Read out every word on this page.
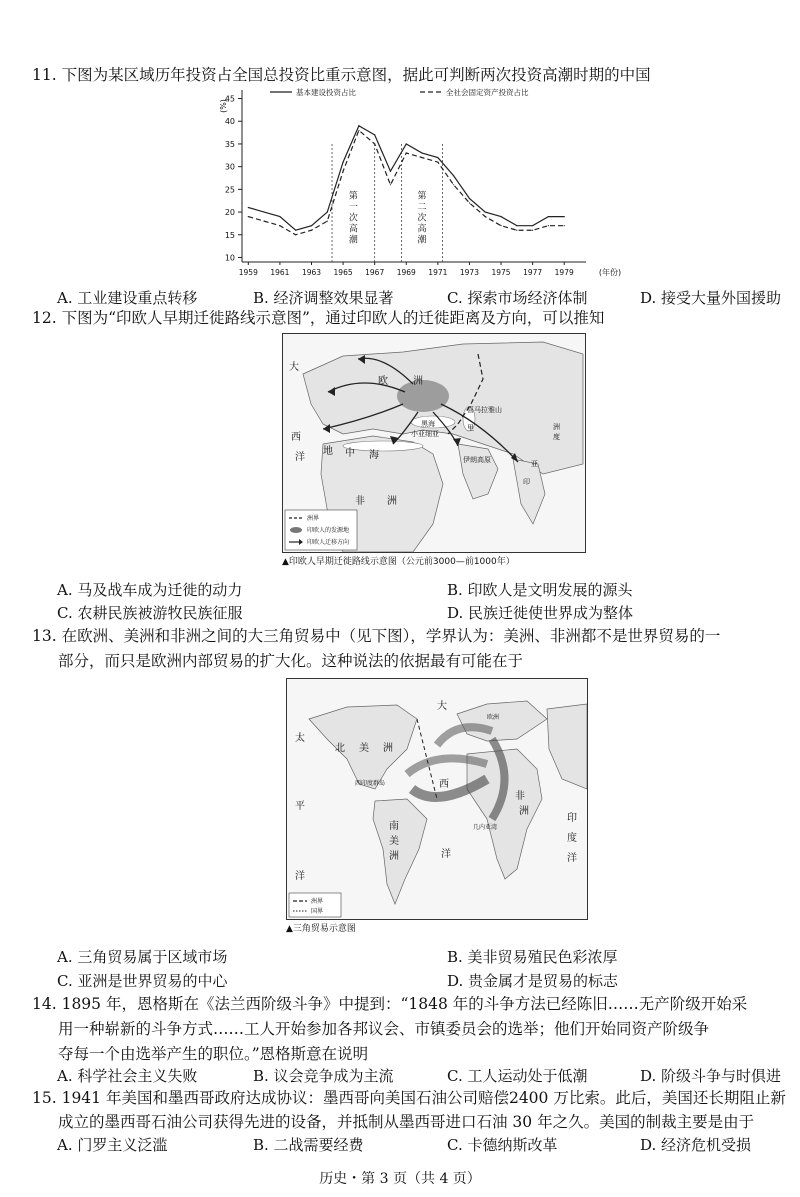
11. 下图为某区域历年投资占全国总投资比重示意图，据此可判断两次投资高潮时期的中国
10
15
20
25
30
35
40
45
1959 1961 1963 1965 1967 1969 1971 1973 1975 1977 1979
(%)
(年份)
第
一
次
高
潮
第
二
次
高
潮
基本建设投资占比	全社会固定资产投资占比
A. 工业建设重点转移	B. 经济调整效果显著	C. 探索市场经济体制	D. 接受大量外国援助
12. 下图为“印欧人早期迁徙路线示意图”，通过印欧人的迁徙距离及方向，可以推知
大
欧	洲
西
洋
非 洲
地 中 海
黑海
小亚细亚
伊朗高原
印
度
洲
亚
喜马拉雅山
里
洲界
印欧人的发源地
印欧人迁移方向
▲印欧人早期迁徙路线示意图（公元前3000—前1000年）
A. 马及战车成为迁徙的动力	B. 印欧人是文明发展的源头
C. 农耕民族被游牧民族征服	D. 民族迁徙使世界成为整体
13. 在欧洲、美洲和非洲之间的大三角贸易中（见下图），学界认为：美洲、非洲都不是世界贸易的一
部分，而只是欧洲内部贸易的扩大化。这种说法的依据最有可能在于
太
平
洋
北 美 洲
大
西
洋
南
美
洲
非
洲
印
度
洋
欧洲
西印度群岛
几内亚湾
洲界
国界
▲三角贸易示意图
A. 三角贸易属于区域市场	B. 美非贸易殖民色彩浓厚
C. 亚洲是世界贸易的中心	D. 贵金属才是贸易的标志
14. 1895 年，恩格斯在《法兰西阶级斗争》中提到：“1848 年的斗争方法已经陈旧……无产阶级开始采
用一种崭新的斗争方式……工人开始参加各邦议会、市镇委员会的选举；他们开始同资产阶级争
夺每一个由选举产生的职位。”恩格斯意在说明
A. 科学社会主义失败	B. 议会竞争成为主流	C. 工人运动处于低潮	D. 阶级斗争与时俱进
15. 1941 年美国和墨西哥政府达成协议：墨西哥向美国石油公司赔偿2400 万比索。此后，美国还长期阻止新
成立的墨西哥石油公司获得先进的设备，并抵制从墨西哥进口石油 30 年之久。美国的制裁主要是由于
A. 门罗主义泛滥	B. 二战需要经费	C. 卡德纳斯改革	D. 经济危机受损
历史・第 3 页（共 4 页）
